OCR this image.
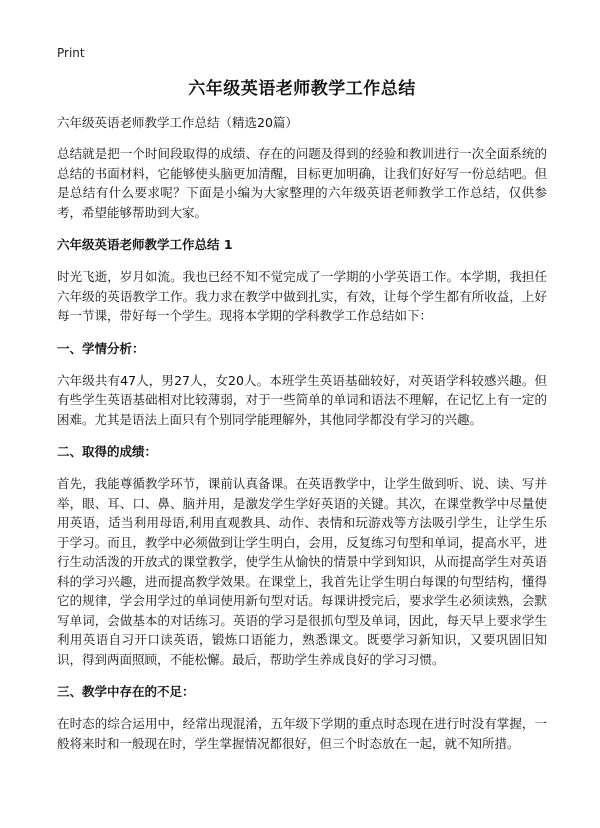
Print
六年级英语老师教学工作总结

六年级英语老师教学工作总结（精选20篇）

总结就是把一个时间段取得的成绩、存在的问题及得到的经验和教训进行一次全面系统的总结的书面材料，它能够使头脑更加清醒，目标更加明确，让我们好好写一份总结吧。但是总结有什么要求呢？下面是小编为大家整理的六年级英语老师教学工作总结，仅供参考，希望能够帮助到大家。

六年级英语老师教学工作总结 1

时光飞逝，岁月如流。我也已经不知不觉完成了一学期的小学英语工作。本学期，我担任六年级的英语教学工作。我力求在教学中做到扎实，有效，让每个学生都有所收益，上好每一节课，带好每一个学生。现将本学期的学科教学工作总结如下：

一、学情分析：

六年级共有47人，男27人，女20人。本班学生英语基础较好，对英语学科较感兴趣。但有些学生英语基础相对比较薄弱，对于一些简单的单词和语法不理解，在记忆上有一定的困难。尤其是语法上面只有个别同学能理解外，其他同学都没有学习的兴趣。

二、取得的成绩：

首先，我能尊循教学环节，课前认真备课。在英语教学中，让学生做到听、说、读、写并举，眼、耳、口、鼻、脑并用，是激发学生学好英语的关键。其次，在课堂教学中尽量使用英语，适当利用母语,利用直观教具、动作、表情和玩游戏等方法吸引学生，让学生乐于学习。而且，教学中必须做到让学生明白，会用，反复练习句型和单词，提高水平，进行生动活泼的开放式的课堂教学，使学生从愉快的情景中学到知识，从而提高学生对英语科的学习兴趣，进而提高教学效果。在课堂上，我首先让学生明白每课的句型结构，懂得它的规律，学会用学过的单词使用新句型对话。每课讲授完后，要求学生必须读熟，会默写单词，会做基本的对话练习。英语的学习是很抓句型及单词，因此，每天早上要求学生利用英语自习开口读英语，锻炼口语能力，熟悉课文。既要学习新知识，又要巩固旧知识，得到两面照顾，不能松懈。最后，帮助学生养成良好的学习习惯。

三、教学中存在的不足：

在时态的综合运用中，经常出现混淆，五年级下学期的重点时态现在进行时没有掌握，一般将来时和一般现在时，学生掌握情况都很好，但三个时态放在一起，就不知所措。
